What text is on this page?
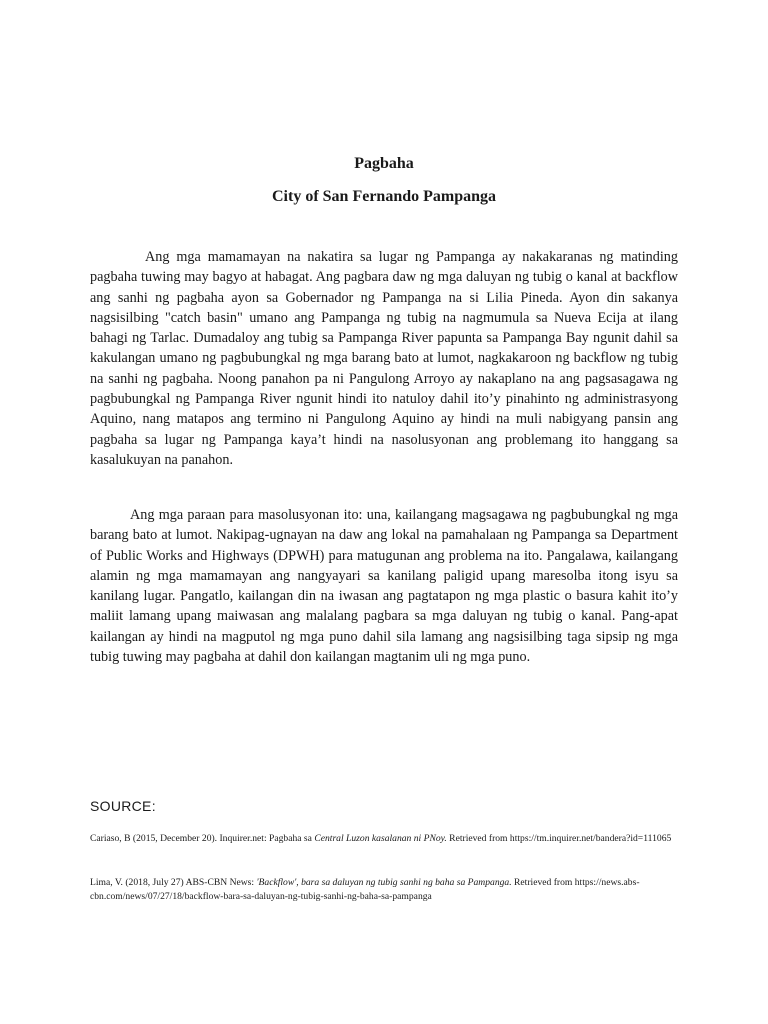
Pagbaha
City of San Fernando Pampanga

Ang mga mamamayan na nakatira sa lugar ng Pampanga ay nakakaranas ng matinding pagbaha tuwing may bagyo at habagat. Ang pagbara daw ng mga daluyan ng tubig o kanal at backflow ang sanhi ng pagbaha ayon sa Gobernador ng Pampanga na si Lilia Pineda. Ayon din sakanya nagsisilbing "catch basin" umano ang Pampanga ng tubig na nagmumula sa Nueva Ecija at ilang bahagi ng Tarlac. Dumadaloy ang tubig sa Pampanga River papunta sa Pampanga Bay ngunit dahil sa kakulangan umano ng pagbubungkal ng mga barang bato at lumot, nagkakaroon ng backflow ng tubig na sanhi ng pagbaha. Noong panahon pa ni Pangulong Arroyo ay nakaplano na ang pagsasagawa ng pagbubungkal ng Pampanga River ngunit hindi ito natuloy dahil ito’y pinahinto ng administrasyong Aquino, nang matapos ang termino ni Pangulong Aquino ay hindi na muli nabigyang pansin ang pagbaha sa lugar ng Pampanga kaya’t hindi na nasolusyonan ang problemang ito hanggang sa kasalukuyan na panahon.

Ang mga paraan para masolusyonan ito: una, kailangang magsagawa ng pagbubungkal ng mga barang bato at lumot. Nakipag-ugnayan na daw ang lokal na pamahalaan ng Pampanga sa Department of Public Works and Highways (DPWH) para matugunan ang problema na ito. Pangalawa, kailangang alamin ng mga mamamayan ang nangyayari sa kanilang paligid upang maresolba itong isyu sa kanilang lugar. Pangatlo, kailangan din na iwasan ang pagtatapon ng mga plastic o basura kahit ito’y maliit lamang upang maiwasan ang malalang pagbara sa mga daluyan ng tubig o kanal. Pang-apat kailangan ay hindi na magputol ng mga puno dahil sila lamang ang nagsisilbing taga sipsip ng mga tubig tuwing may pagbaha at dahil don kailangan magtanim uli ng mga puno.

SOURCE:

Cariaso, B (2015, December 20). Inquirer.net: Pagbaha sa Central Luzon kasalanan ni PNoy. Retrieved from https://tm.inquirer.net/bandera?id=111065

Lima, V. (2018, July 27) ABS-CBN News: 'Backflow', bara sa daluyan ng tubig sanhi ng baha sa Pampanga. Retrieved from https://news.abs-cbn.com/news/07/27/18/backflow-bara-sa-daluyan-ng-tubig-sanhi-ng-baha-sa-pampanga
